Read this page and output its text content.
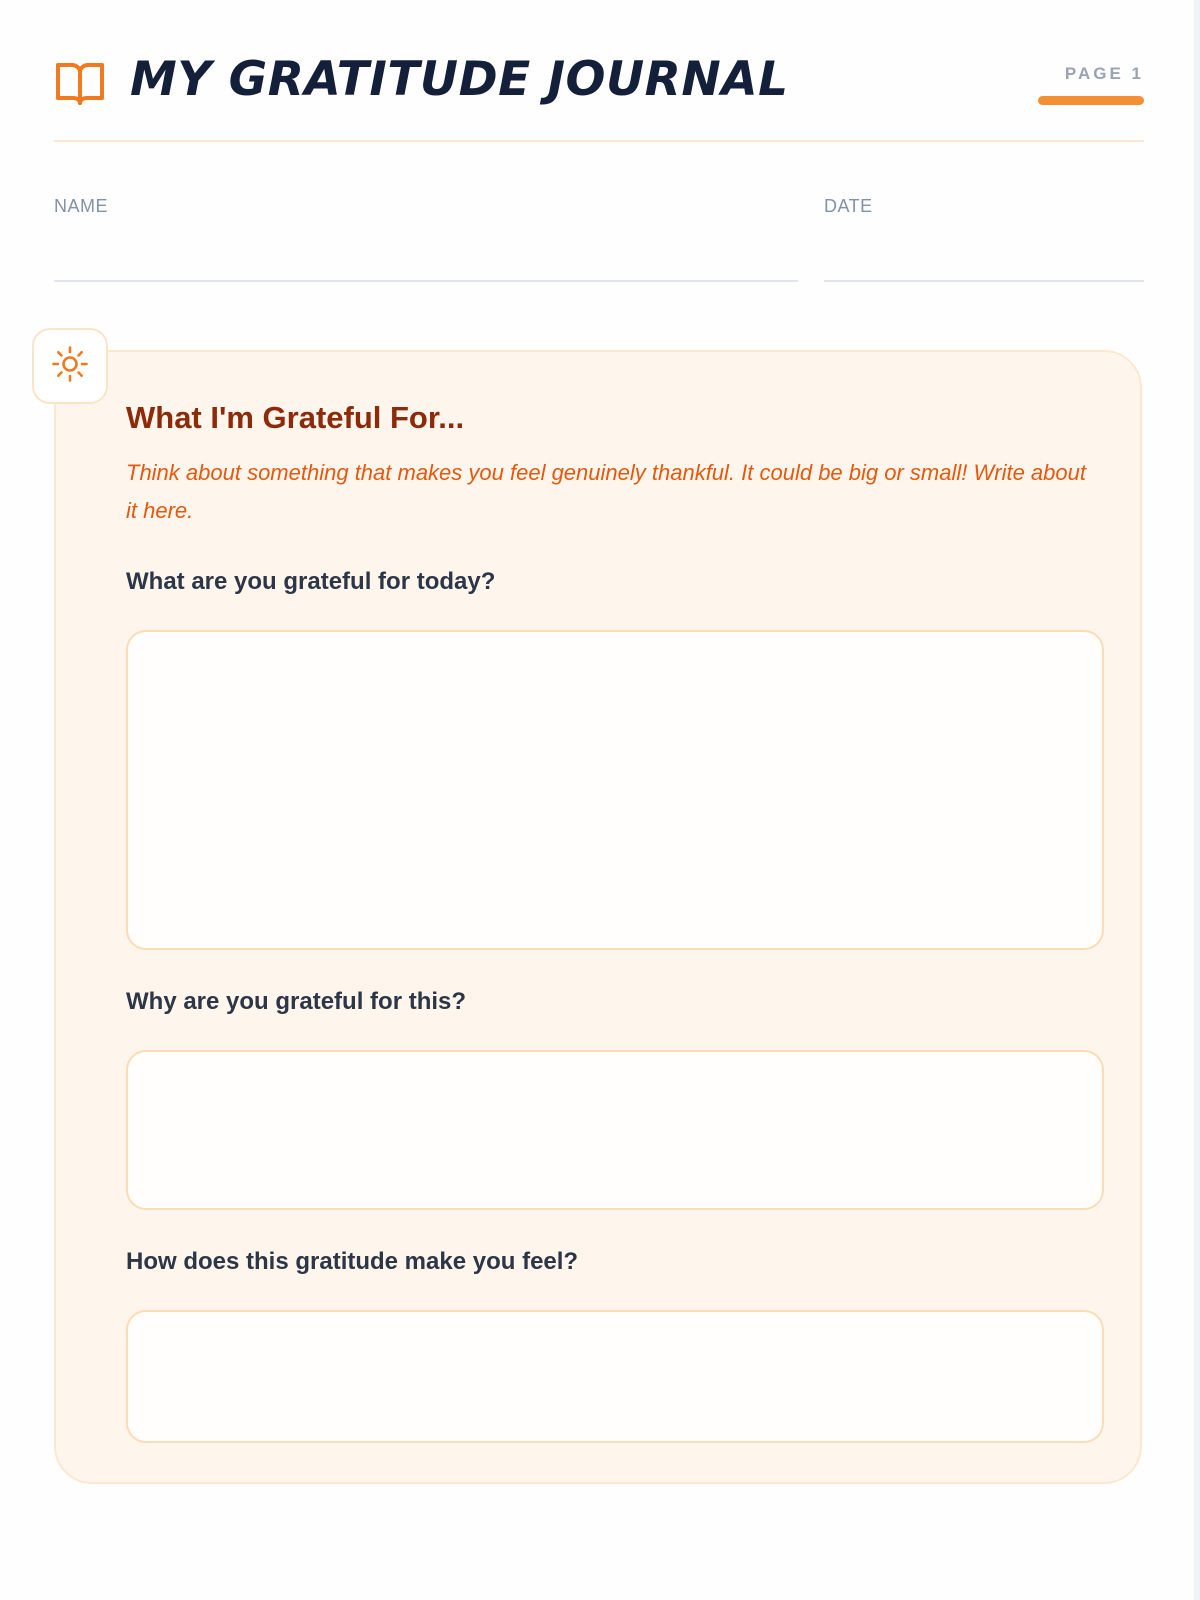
MY GRATITUDE JOURNAL	PAGE 1
NAME	DATE
What I'm Grateful For...

Think about something that makes you feel genuinely thankful. It could be big or small! Write about it here.

What are you grateful for today?

Why are you grateful for this?

How does this gratitude make you feel?
